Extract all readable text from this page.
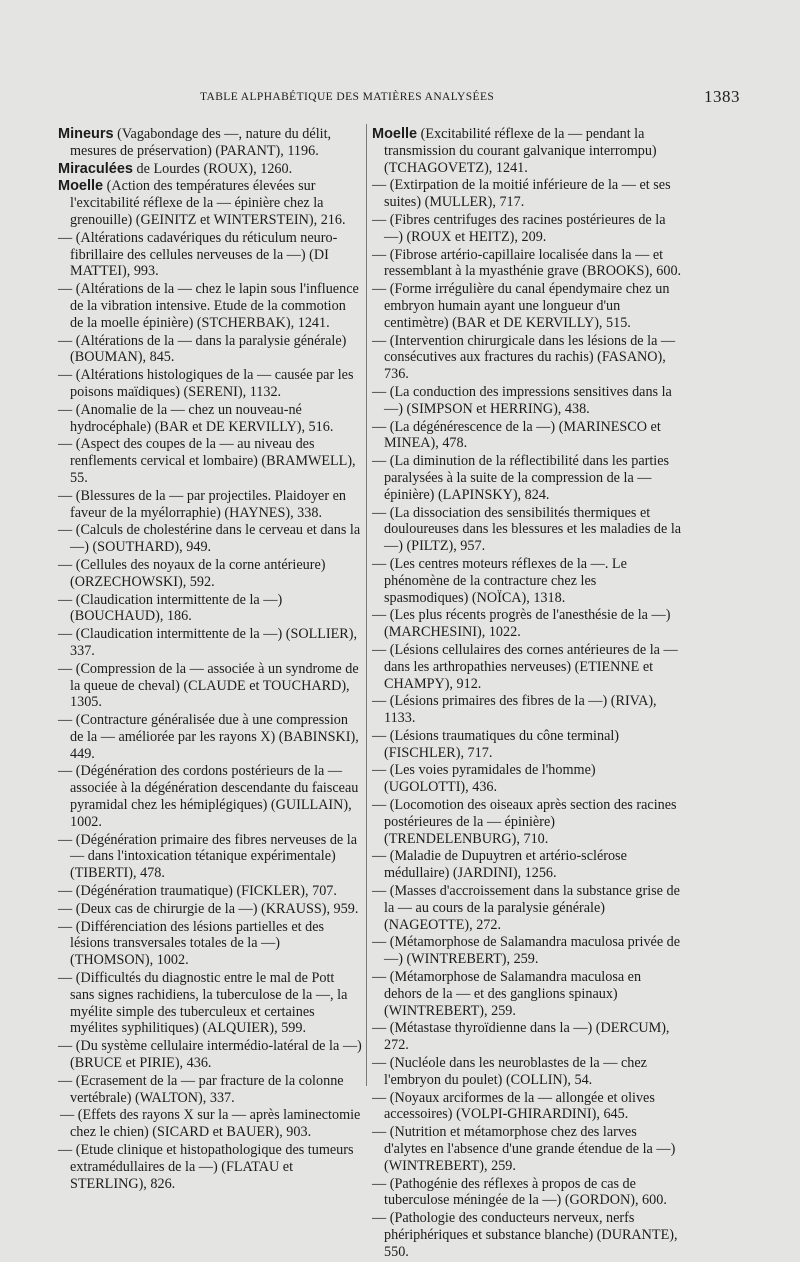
TABLE ALPHABÉTIQUE DES MATIÈRES ANALYSÉES	1383
Mineurs (Vagabondage des —, nature du délit, mesures de préservation) (PARANT), 1196.
Miraculées de Lourdes (ROUX), 1260.
Moelle (Action des températures élevées sur l'excitabilité réflexe de la — épinière chez la grenouille) (GEINITZ et WINTERSTEIN), 216.
— (Altérations cadavériques du réticulum neuro-fibrillaire des cellules nerveuses de la —) (DI MATTEI), 993.
— (Altérations de la — chez le lapin sous l'influence de la vibration intensive. Etude de la commotion de la moelle épinière) (STCHERBAK), 1241.
— (Altérations de la — dans la paralysie générale) (BOUMAN), 845.
— (Altérations histologiques de la — causée par les poisons maïdiques) (SERENI), 1132.
— (Anomalie de la — chez un nouveau-né hydrocéphale) (BAR et DE KERVILLY), 516.
— (Aspect des coupes de la — au niveau des renflements cervical et lombaire) (BRAMWELL), 55.
— (Blessures de la — par projectiles. Plaidoyer en faveur de la myélorraphie) (HAYNES), 338.
— (Calculs de cholestérine dans le cerveau et dans la —) (SOUTHARD), 949.
— (Cellules des noyaux de la corne antérieure) (ORZECHOWSKI), 592.
— (Claudication intermittente de la —) (BOUCHAUD), 186.
— (Claudication intermittente de la —) (SOLLIER), 337.
— (Compression de la — associée à un syndrome de la queue de cheval) (CLAUDE et TOUCHARD), 1305.
— (Contracture généralisée due à une compression de la — améliorée par les rayons X) (BABINSKI), 449.
— (Dégénération des cordons postérieurs de la — associée à la dégénération descendante du faisceau pyramidal chez les hémiplégiques) (GUILLAIN), 1002.
— (Dégénération primaire des fibres nerveuses de la — dans l'intoxication tétanique expérimentale) (TIBERTI), 478.
— (Dégénération traumatique) (FICKLER), 707.
— (Deux cas de chirurgie de la —) (KRAUSS), 959.
— (Différenciation des lésions partielles et des lésions transversales totales de la —) (THOMSON), 1002.
— (Difficultés du diagnostic entre le mal de Pott sans signes rachidiens, la tuberculose de la —, la myélite simple des tuberculeux et certaines myélites syphilitiques) (ALQUIER), 599.
— (Du système cellulaire intermédio-latéral de la —) (BRUCE et PIRIE), 436.
— (Ecrasement de la — par fracture de la colonne vertébrale) (WALTON), 337.
— (Effets des rayons X sur la — après laminectomie chez le chien) (SICARD et BAUER), 903.
— (Etude clinique et histopathologique des tumeurs extramédullaires de la —) (FLATAU et STERLING), 826.
Moelle (Excitabilité réflexe de la — pendant la transmission du courant galvanique interrompu) (TCHAGOVETZ), 1241.
— (Extirpation de la moitié inférieure de la — et ses suites) (MULLER), 717.
— (Fibres centrifuges des racines postérieures de la —) (ROUX et HEITZ), 209.
— (Fibrose artério-capillaire localisée dans la — et ressemblant à la myasthénie grave (BROOKS), 600.
— (Forme irrégulière du canal épendymaire chez un embryon humain ayant une longueur d'un centimètre) (BAR et DE KERVILLY), 515.
— (Intervention chirurgicale dans les lésions de la — consécutives aux fractures du rachis) (FASANO), 736.
— (La conduction des impressions sensitives dans la —) (SIMPSON et HERRING), 438.
— (La dégénérescence de la —) (MARINESCO et MINEA), 478.
— (La diminution de la réflectibilité dans les parties paralysées à la suite de la compression de la — épinière) (LAPINSKY), 824.
— (La dissociation des sensibilités thermiques et douloureuses dans les blessures et les maladies de la —) (PILTZ), 957.
— (Les centres moteurs réflexes de la —. Le phénomène de la contracture chez les spasmodiques) (NOÏCA), 1318.
— (Les plus récents progrès de l'anesthésie de la —) (MARCHESINI), 1022.
— (Lésions cellulaires des cornes antérieures de la — dans les arthropathies nerveuses) (ETIENNE et CHAMPY), 912.
— (Lésions primaires des fibres de la —) (RIVA), 1133.
— (Lésions traumatiques du cône terminal) (FISCHLER), 717.
— (Les voies pyramidales de l'homme) (UGOLOTTI), 436.
— (Locomotion des oiseaux après section des racines postérieures de la — épinière) (TRENDELENBURG), 710.
— (Maladie de Dupuytren et artério-sclérose médullaire) (JARDINI), 1256.
— (Masses d'accroissement dans la substance grise de la — au cours de la paralysie générale) (NAGEOTTE), 272.
— (Métamorphose de Salamandra maculosa privée de —) (WINTREBERT), 259.
— (Métamorphose de Salamandra maculosa en dehors de la — et des ganglions spinaux) (WINTREBERT), 259.
— (Métastase thyroïdienne dans la —) (DERCUM), 272.
— (Nucléole dans les neuroblastes de la — chez l'embryon du poulet) (COLLIN), 54.
— (Noyaux arciformes de la — allongée et olives accessoires) (VOLPI-GHIRARDINI), 645.
— (Nutrition et métamorphose chez des larves d'alytes en l'absence d'une grande étendue de la —) (WINTREBERT), 259.
— (Pathogénie des réflexes à propos de cas de tuberculose méningée de la —) (GORDON), 600.
— (Pathologie des conducteurs nerveux, nerfs phériphériques et substance blanche) (DURANTE), 550.
